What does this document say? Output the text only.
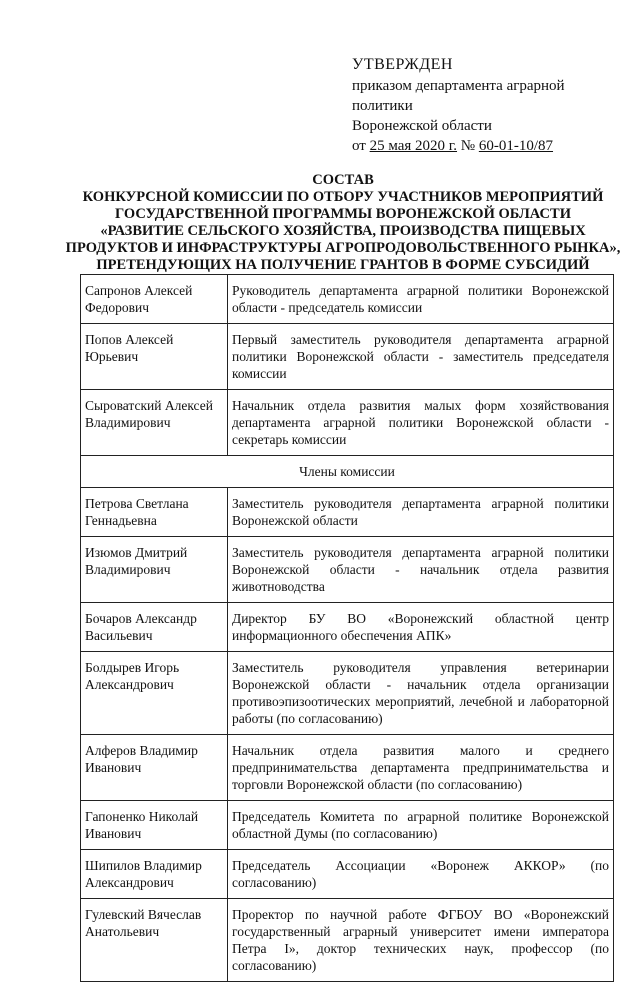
УТВЕРЖДЕН
приказом департамента аграрной
политики
Воронежской области
от 25 мая 2020 г. № 60-01-10/87
СОСТАВ
КОНКУРСНОЙ КОМИССИИ ПО ОТБОРУ УЧАСТНИКОВ МЕРОПРИЯТИЙ
ГОСУДАРСТВЕННОЙ ПРОГРАММЫ ВОРОНЕЖСКОЙ ОБЛАСТИ
«РАЗВИТИЕ СЕЛЬСКОГО ХОЗЯЙСТВА, ПРОИЗВОДСТВА ПИЩЕВЫХ
ПРОДУКТОВ И ИНФРАСТРУКТУРЫ АГРОПРОДОВОЛЬСТВЕННОГО РЫНКА»,
ПРЕТЕНДУЮЩИХ НА ПОЛУЧЕНИЕ ГРАНТОВ В ФОРМЕ СУБСИДИЙ
Сапронов Алексей Федорович	Руководитель департамента аграрной политики Воронежской области - председатель комиссии
Попов Алексей Юрьевич	Первый заместитель руководителя департамента аграрной политики Воронежской области - заместитель председателя комиссии
Сыроватский Алексей Владимирович	Начальник отдела развития малых форм хозяйствования департамента аграрной политики Воронежской области - секретарь комиссии
Члены комиссии	
Петрова Светлана Геннадьевна	Заместитель руководителя департамента аграрной политики Воронежской области
Изюмов Дмитрий Владимирович	Заместитель руководителя департамента аграрной политики Воронежской области - начальник отдела развития животноводства
Бочаров Александр Васильевич	Директор БУ ВО «Воронежский областной центр информационного обеспечения АПК»
Болдырев Игорь Александрович	Заместитель руководителя управления ветеринарии Воронежской области - начальник отдела организации противоэпизоотических мероприятий, лечебной и лабораторной работы (по согласованию)
Алферов Владимир Иванович	Начальник отдела развития малого и среднего предпринимательства департамента предпринимательства и торговли Воронежской области (по согласованию)
Гапоненко Николай Иванович	Председатель Комитета по аграрной политике Воронежской областной Думы (по согласованию)
Шипилов Владимир Александрович	Председатель Ассоциации «Воронеж АККОР» (по согласованию)
Гулевский Вячеслав Анатольевич	Проректор по научной работе ФГБОУ ВО «Воронежский государственный аграрный университет имени императора Петра I», доктор технических наук, профессор (по согласованию)
